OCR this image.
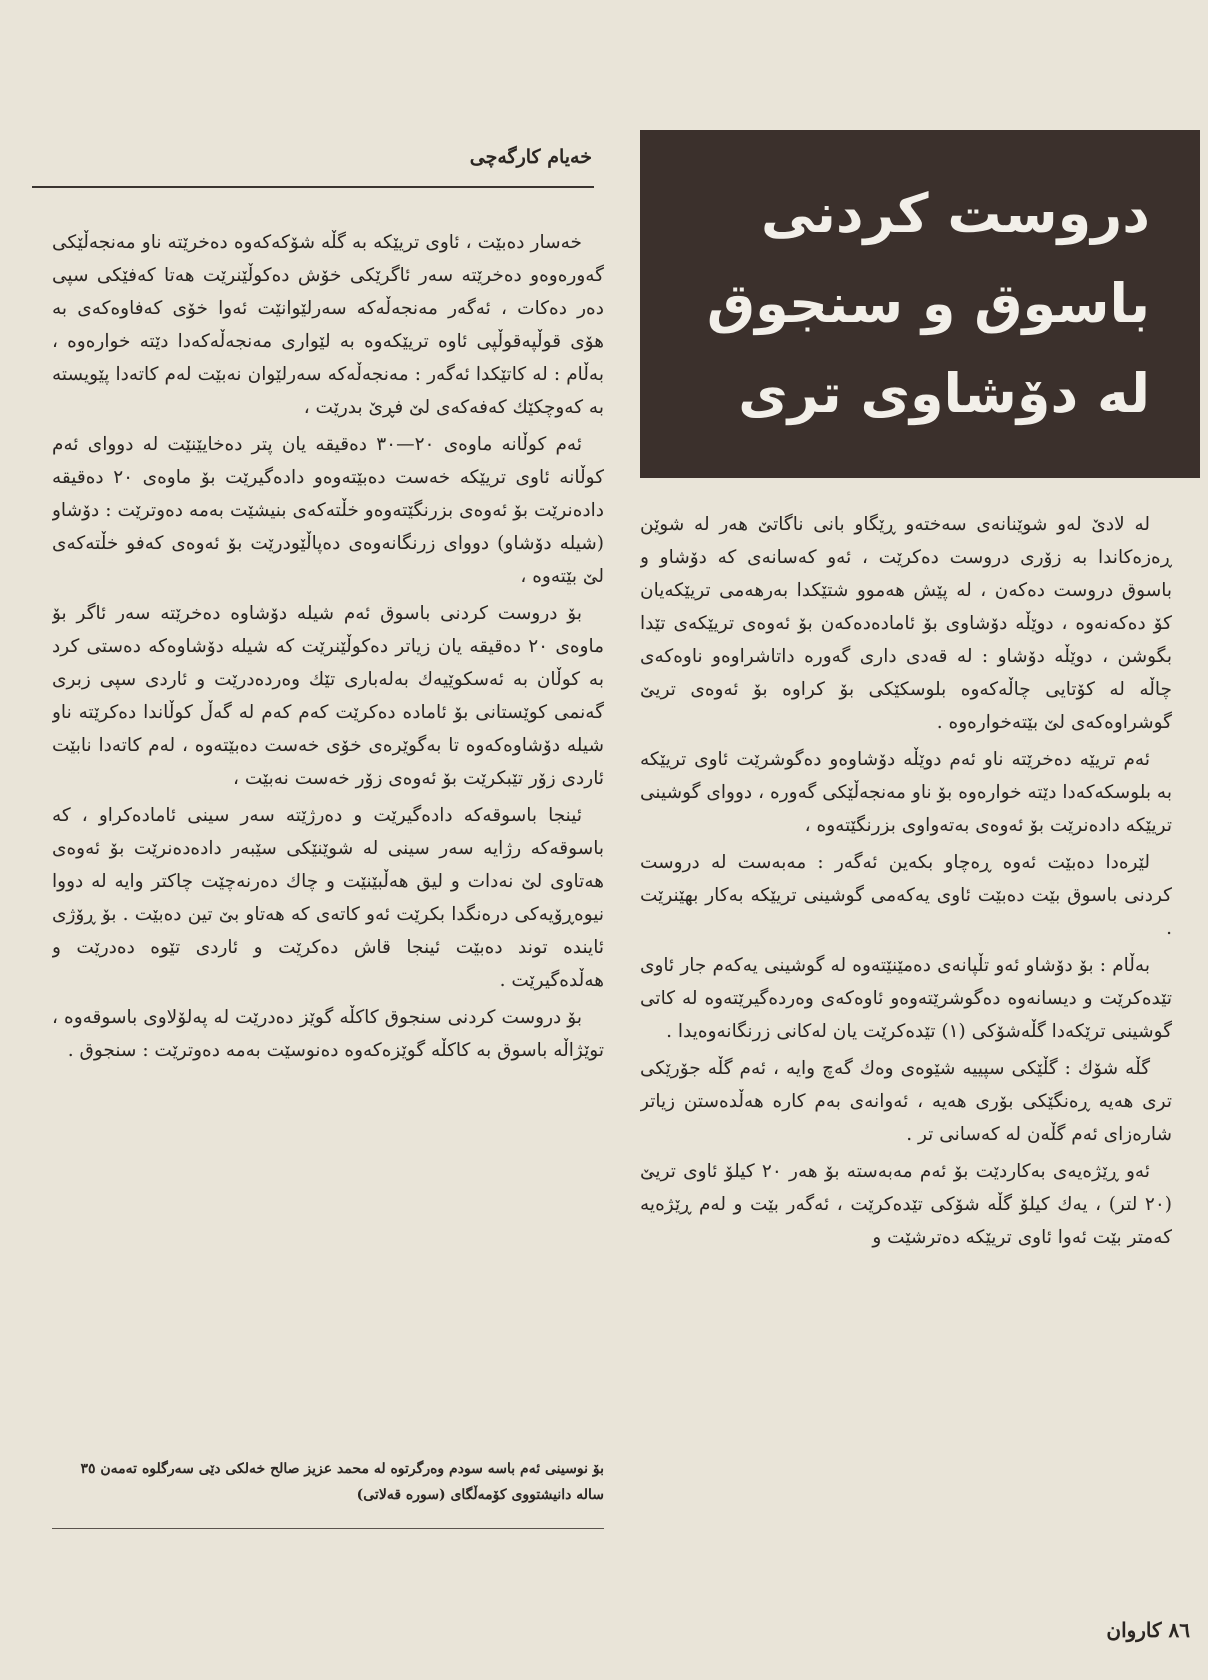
خەیام كارگەچی
دروست كردنی
باسوق و سنجوق
لە دۆشاوی تری

خەسار دەبێت ، ئاوی تریێکە بە گڵە شۆکەکەوە دەخرێتە ناو مەنجەڵێکی گەورەوەو دەخرێتە سەر ئاگرێکی خۆش دەکوڵێنرێت هەتا کەفێکی سپی دەر دەکات ، ئەگەر مەنجەڵەکە سەرلێوانێت ئەوا خۆی کەفاوەکەی بە هۆی قوڵپەقوڵپی ئاوە تریێکەوە بە لێواری مەنجەڵەکەدا دێتە خوارەوە ، بەڵام : لە کاتێکدا ئەگەر : مەنجەڵەکە سەرلێوان نەبێت لەم کاتەدا پێویستە بە کەوچکێك کەفەکەی لێ فڕێ بدرێت ،

ئەم کوڵانە ماوەی ٢٠—٣٠ دەقیقە یان پتر دەخایێنێت لە دووای ئەم کوڵانە ئاوی تریێکە خەست دەبێتەوەو دادەگیرێت بۆ ماوەی ٢٠ دەقیقە دادەنرێت بۆ ئەوەی بزرنگێتەوەو خڵتەکەی بنیشێت بەمە دەوترێت : دۆشاو (شیلە دۆشاو) دووای زرنگانەوەی دەپاڵێودرێت بۆ ئەوەی کەفو خڵتەکەی لێ بێتەوە ،

بۆ دروست کردنی باسوق ئەم شیلە دۆشاوە دەخرێتە سەر ئاگر بۆ ماوەی ٢٠ دەقیقە یان زیاتر دەکوڵێنرێت کە شیلە دۆشاوەکە دەستی کرد بە کوڵان بە ئەسکوێیەك بەلەباری تێك وەردەدرێت و ئاردی سپی زبری گەنمی کوێستانی بۆ ئامادە دەکرێت کەم کەم لە گەڵ کوڵاندا دەکرێتە ناو شیلە دۆشاوەکەوە تا بەگوێرەی خۆی خەست دەبێتەوە ، لەم کاتەدا نابێت ئاردی زۆر تێبکرێت بۆ ئەوەی زۆر خەست نەبێت ،

ئینجا باسوقەکە دادەگیرێت و دەرژێتە سەر سینی ئامادەکراو ، کە باسوقەکە رژایە سەر سینی لە شوێنێکی سێبەر دادەدەنرێت بۆ ئەوەی هەتاوی لێ نەدات و لیق هەڵبێنێت و چاك دەرنەچێت چاکتر وایە لە دووا نیوەڕۆیەکی درەنگدا بکرێت ئەو کاتەی کە هەتاو بێ تین دەبێت . بۆ ڕۆژی ئایندە توند دەبێت ئینجا قاش دەکرێت و ئاردی تێوە دەدرێت و هەڵدەگیرێت .

بۆ دروست کردنی سنجوق کاکڵە گوێز دەدرێت لە پەلۆلاوی باسوقەوە ، توێژاڵە باسوق بە کاکڵە گوێزەکەوە دەنوسێت بەمە دەوترێت : سنجوق .

بۆ نوسینی ئەم باسە سودم وەرگرتوە لە محمد عزیز صالح خەلکی دێی سەرگلوە تەمەن ٣٥ سالە دانیشتووی کۆمەڵگای (سورە قەلاتی)

لە لادێ لەو شوێنانەی سەختەو ڕێگاو بانی ناگاتێ هەر لە شوێن ڕەزەکاندا بە زۆری دروست دەکرێت ، ئەو کەسانەی کە دۆشاو و باسوق دروست دەکەن ، لە پێش هەموو شتێکدا بەرهەمی تریێکەیان کۆ دەکەنەوە ، دوێڵە دۆشاوی بۆ ئامادەدەکەن بۆ ئەوەی تریێکەی تێدا بگوشن ، دوێڵە دۆشاو : لە قەدی داری گەورە داتاشراوەو ناوەکەی چاڵە لە کۆتایی چاڵەکەوە بلوسکێکی بۆ کراوە بۆ ئەوەی تریێ گوشراوەکەی لێ بێتەخوارەوە .

ئەم تریێە دەخرێتە ناو ئەم دوێڵە دۆشاوەو دەگوشرێت ئاوی تریێکە بە بلوسکەکەدا دێتە خوارەوە بۆ ناو مەنجەڵێکی گەورە ، دووای گوشینی تریێکە دادەنرێت بۆ ئەوەی بەتەواوی بزرنگێتەوە ،

لێرەدا دەبێت ئەوە ڕەچاو بکەین ئەگەر : مەبەست لە دروست کردنی باسوق بێت دەبێت ئاوی یەکەمی گوشینی تریێکە بەکار بهێنرێت .

بەڵام : بۆ دۆشاو ئەو تڵپانەی دەمێنێتەوە لە گوشینی یەکەم جار ئاوی تێدەکرێت و دیسانەوە دەگوشرێتەوەو ئاوەکەی وەردەگیرێتەوە لە کاتی گوشینی ترێکەدا گڵەشۆکی (١) تێدەکرێت یان لەکانی زرنگانەوەیدا .

گڵە شۆك : گڵێکی سپییە شێوەی وەك گەچ وایە ، ئەم گڵە جۆرێکی تری هەیە ڕەنگێکی بۆری هەیە ، ئەوانەی بەم کارە هەڵدەستن زیاتر شارەزای ئەم گڵەن لە کەسانی تر .

ئەو ڕێژەیەی بەکاردێت بۆ ئەم مەبەستە بۆ هەر ٢٠ کیلۆ ئاوی تریێ (٢٠ لتر) ، یەك کیلۆ گڵە شۆکی تێدەکرێت ، ئەگەر بێت و لەم ڕێژەیە کەمتر بێت ئەوا ئاوی تریێکە دەترشێت و

٨٦ كاروان
